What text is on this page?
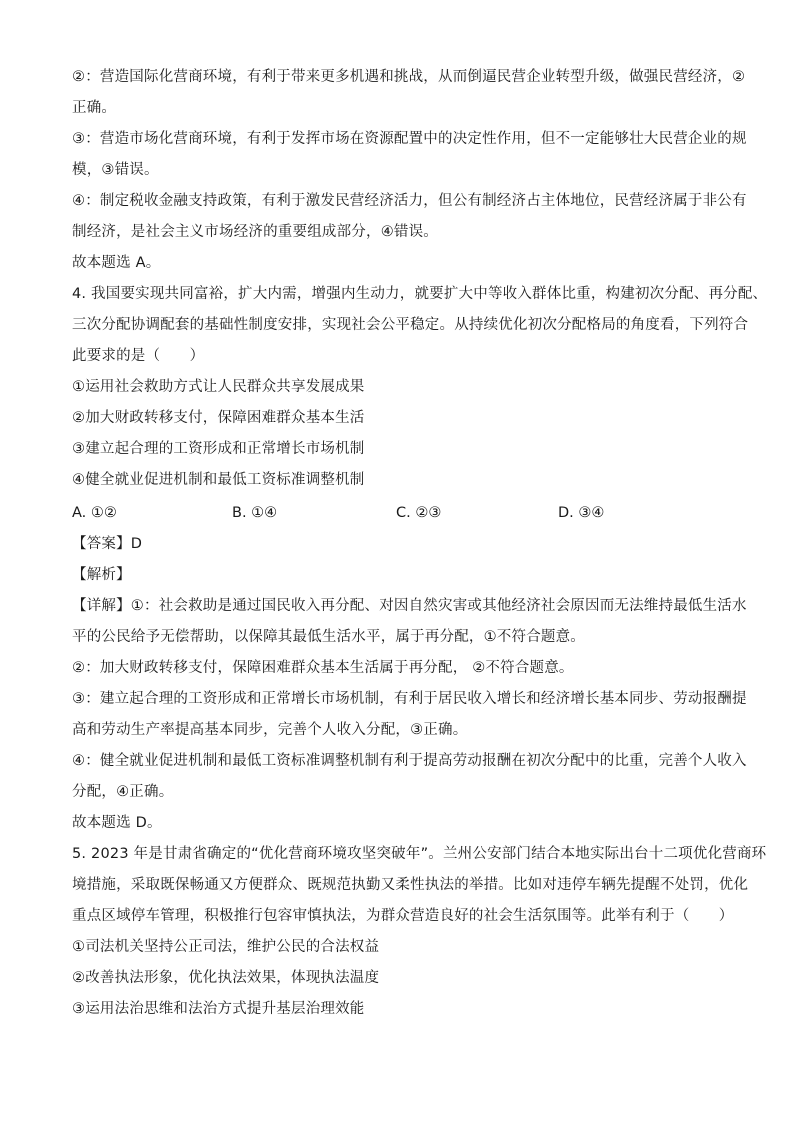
②：营造国际化营商环境，有利于带来更多机遇和挑战，从而倒逼民营企业转型升级，做强民营经济，②
正确。
③：营造市场化营商环境，有利于发挥市场在资源配置中的决定性作用，但不一定能够壮大民营企业的规
模，③错误。
④：制定税收金融支持政策，有利于激发民营经济活力，但公有制经济占主体地位，民营经济属于非公有
制经济，是社会主义市场经济的重要组成部分，④错误。
故本题选 A。
4. 我国要实现共同富裕，扩大内需，增强内生动力，就要扩大中等收入群体比重，构建初次分配、再分配、
三次分配协调配套的基础性制度安排，实现社会公平稳定。从持续优化初次分配格局的角度看，下列符合
此要求的是（　　）
①运用社会救助方式让人民群众共享发展成果
②加大财政转移支付，保障困难群众基本生活
③建立起合理的工资形成和正常增长市场机制
④健全就业促进机制和最低工资标准调整机制
A. ①②	B. ①④	C. ②③	D. ③④
【答案】D
【解析】
【详解】①：社会救助是通过国民收入再分配、对因自然灾害或其他经济社会原因而无法维持最低生活水
平的公民给予无偿帮助，以保障其最低生活水平，属于再分配，①不符合题意。
②：加大财政转移支付，保障困难群众基本生活属于再分配， ②不符合题意。
③：建立起合理的工资形成和正常增长市场机制，有利于居民收入增长和经济增长基本同步、劳动报酬提
高和劳动生产率提高基本同步，完善个人收入分配，③正确。
④：健全就业促进机制和最低工资标准调整机制有利于提高劳动报酬在初次分配中的比重，完善个人收入
分配，④正确。
故本题选 D。
5. 2023 年是甘肃省确定的“优化营商环境攻坚突破年”。兰州公安部门结合本地实际出台十二项优化营商环
境措施，采取既保畅通又方便群众、既规范执勤又柔性执法的举措。比如对违停车辆先提醒不处罚，优化
重点区域停车管理，积极推行包容审慎执法，为群众营造良好的社会生活氛围等。此举有利于（　　）
①司法机关坚持公正司法，维护公民的合法权益
②改善执法形象，优化执法效果，体现执法温度
③运用法治思维和法治方式提升基层治理效能
